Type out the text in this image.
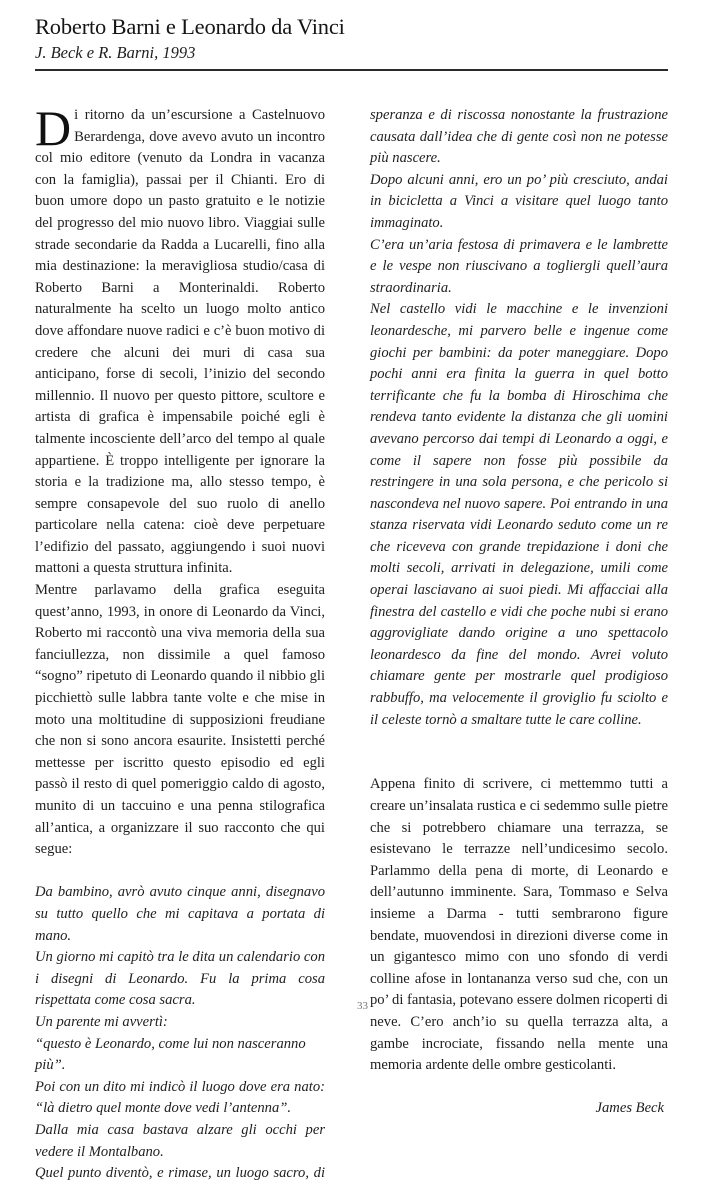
Roberto Barni e Leonardo da Vinci
J. Beck e R. Barni, 1993

Di ritorno da un’escursione a Castelnuovo Berardenga, dove avevo avuto un incontro col mio editore (venuto da Londra in vacanza con la famiglia), passai per il Chianti. Ero di buon umore dopo un pasto gratuito e le notizie del progresso del mio nuovo libro. Viaggiai sulle strade secondarie da Radda a Lucarelli, fino alla mia destinazione: la meravigliosa studio/casa di Roberto Barni a Monterinaldi. Roberto naturalmente ha scelto un luogo molto antico dove affondare nuove radici e c’è buon motivo di credere che alcuni dei muri di casa sua anticipano, forse di secoli, l’inizio del secondo millennio. Il nuovo per questo pittore, scultore e artista di grafica è impensabile poiché egli è talmente incosciente dell’arco del tempo al quale appartiene. È troppo intelligente per ignorare la storia e la tradizione ma, allo stesso tempo, è sempre consapevole del suo ruolo di anello particolare nella catena: cioè deve perpetuare l’edifizio del passato, aggiungendo i suoi nuovi mattoni a questa struttura infinita.

Mentre parlavamo della grafica eseguita quest’anno, 1993, in onore di Leonardo da Vinci, Roberto mi raccontò una viva memoria della sua fanciullezza, non dissimile a quel famoso “sogno” ripetuto di Leonardo quando il nibbio gli picchiettò sulle labbra tante volte e che mise in moto una moltitudine di supposizioni freudiane che non si sono ancora esaurite. Insistetti perché mettesse per iscritto questo episodio ed egli passò il resto di quel pomeriggio caldo di agosto, munito di un taccuino e una penna stilografica all’antica, a organizzare il suo racconto che qui segue:

Da bambino, avrò avuto cinque anni, disegnavo su tutto quello che mi capitava a portata di mano.

Un giorno mi capitò tra le dita un calendario con i disegni di Leonardo. Fu la prima cosa rispettata come cosa sacra.

Un parente mi avvertì:

“questo è Leonardo, come lui non nasceranno più”.

Poi con un dito mi indicò il luogo dove era nato: “là dietro quel monte dove vedi l’antenna”.

Dalla mia casa bastava alzare gli occhi per vedere il Montalbano.

Quel punto diventò, e rimase, un luogo sacro, di

speranza e di riscossa nonostante la frustrazione causata dall’idea che di gente così non ne potesse più nascere.

Dopo alcuni anni, ero un po’ più cresciuto, andai in bicicletta a Vinci a visitare quel luogo tanto immaginato.

C’era un’aria festosa di primavera e le lambrette e le vespe non riuscivano a togliergli quell’aura straordinaria.

Nel castello vidi le macchine e le invenzioni leonardesche, mi parvero belle e ingenue come giochi per bambini: da poter maneggiare. Dopo pochi anni era finita la guerra in quel botto terrificante che fu la bomba di Hiroschima che rendeva tanto evidente la distanza che gli uomini avevano percorso dai tempi di Leonardo a oggi, e come il sapere non fosse più possibile da restringere in una sola persona, e che pericolo si nascondeva nel nuovo sapere. Poi entrando in una stanza riservata vidi Leonardo seduto come un re che riceveva con grande trepidazione i doni che molti secoli, arrivati in delegazione, umili come operai lasciavano ai suoi piedi. Mi affacciai alla finestra del castello e vidi che poche nubi si erano aggrovigliate dando origine a uno spettacolo leonardesco da fine del mondo. Avrei voluto chiamare gente per mostrarle quel prodigioso rabbuffo, ma velocemente il groviglio fu sciolto e il celeste tornò a smaltare tutte le care colline.

Appena finito di scrivere, ci mettemmo tutti a creare un’insalata rustica e ci sedemmo sulle pietre che si potrebbero chiamare una terrazza, se esistevano le terrazze nell’undicesimo secolo. Parlammo della pena di morte, di Leonardo e dell’autunno imminente. Sara, Tommaso e Selva insieme a Darma - tutti sembrarono figure bendate, muovendosi in direzioni diverse come in un gigantesco mimo con uno sfondo di verdi colline afose in lontananza verso sud che, con un po’ di fantasia, potevano essere dolmen ricoperti di neve. C’ero anch’io su quella terrazza alta, a gambe incrociate, fissando nella mente una memoria ardente delle ombre gesticolanti.

James Beck

33
